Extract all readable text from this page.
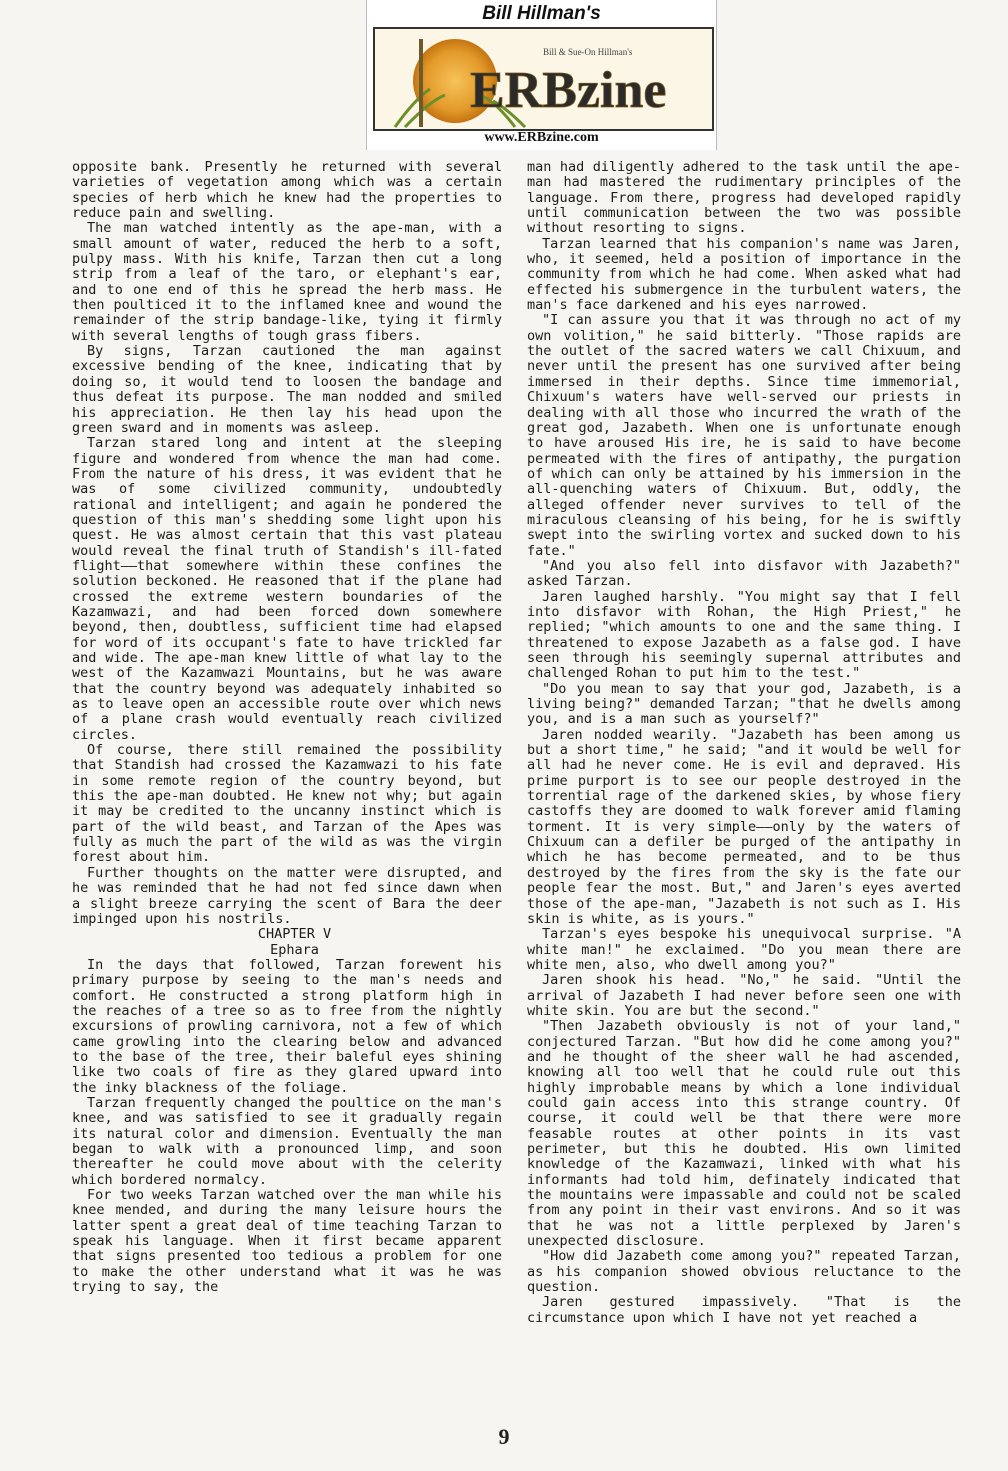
Bill Hillman's
Bill & Sue-On Hillman's
ERBzine
www.ERBzine.com

opposite bank. Presently he returned with several varieties of vegetation among which was a certain species of herb which he knew had the properties to reduce pain and swelling.

The man watched intently as the ape-man, with a small amount of water, reduced the herb to a soft, pulpy mass. With his knife, Tarzan then cut a long strip from a leaf of the taro, or elephant's ear, and to one end of this he spread the herb mass. He then poulticed it to the inflamed knee and wound the remainder of the strip bandage-like, tying it firmly with several lengths of tough grass fibers.

By signs, Tarzan cautioned the man against excessive bending of the knee, indicating that by doing so, it would tend to loosen the bandage and thus defeat its purpose. The man nodded and smiled his appreciation. He then lay his head upon the green sward and in moments was asleep.

Tarzan stared long and intent at the sleeping figure and wondered from whence the man had come. From the nature of his dress, it was evident that he was of some civilized community, undoubtedly rational and intelligent; and again he pondered the question of this man's shedding some light upon his quest. He was almost certain that this vast plateau would reveal the final truth of Standish's ill-fated flight——that somewhere within these confines the solution beckoned. He reasoned that if the plane had crossed the extreme western boundaries of the Kazamwazi, and had been forced down somewhere beyond, then, doubtless, sufficient time had elapsed for word of its occupant's fate to have trickled far and wide. The ape-man knew little of what lay to the west of the Kazamwazi Mountains, but he was aware that the country beyond was adequately inhabited so as to leave open an accessible route over which news of a plane crash would eventually reach civilized circles.

Of course, there still remained the possibility that Standish had crossed the Kazamwazi to his fate in some remote region of the country beyond, but this the ape-man doubted. He knew not why; but again it may be credited to the uncanny instinct which is part of the wild beast, and Tarzan of the Apes was fully as much the part of the wild as was the virgin forest about him.

Further thoughts on the matter were disrupted, and he was reminded that he had not fed since dawn when a slight breeze carrying the scent of Bara the deer impinged upon his nostrils.

CHAPTER V

Ephara

In the days that followed, Tarzan forewent his primary purpose by seeing to the man's needs and comfort. He constructed a strong platform high in the reaches of a tree so as to free from the nightly excursions of prowling carnivora, not a few of which came growling into the clearing below and advanced to the base of the tree, their baleful eyes shining like two coals of fire as they glared upward into the inky blackness of the foliage.

Tarzan frequently changed the poultice on the man's knee, and was satisfied to see it gradually regain its natural color and dimension. Eventually the man began to walk with a pronounced limp, and soon thereafter he could move about with the celerity which bordered normalcy.

For two weeks Tarzan watched over the man while his knee mended, and during the many leisure hours the latter spent a great deal of time teaching Tarzan to speak his language. When it first became apparent that signs presented too tedious a problem for one to make the other understand what it was he was trying to say, the

man had diligently adhered to the task until the ape-man had mastered the rudimentary principles of the language. From there, progress had developed rapidly until communication between the two was possible without resorting to signs.

Tarzan learned that his companion's name was Jaren, who, it seemed, held a position of importance in the community from which he had come. When asked what had effected his submergence in the turbulent waters, the man's face darkened and his eyes narrowed.

"I can assure you that it was through no act of my own volition," he said bitterly. "Those rapids are the outlet of the sacred waters we call Chixuum, and never until the present has one survived after being immersed in their depths. Since time immemorial, Chixuum's waters have well-served our priests in dealing with all those who incurred the wrath of the great god, Jazabeth. When one is unfortunate enough to have aroused His ire, he is said to have become permeated with the fires of antipathy, the purgation of which can only be attained by his immersion in the all-quenching waters of Chixuum. But, oddly, the alleged offender never survives to tell of the miraculous cleansing of his being, for he is swiftly swept into the swirling vortex and sucked down to his fate."

"And you also fell into disfavor with Jazabeth?" asked Tarzan.

Jaren laughed harshly. "You might say that I fell into disfavor with Rohan, the High Priest," he replied; "which amounts to one and the same thing. I threatened to expose Jazabeth as a false god. I have seen through his seemingly supernal attributes and challenged Rohan to put him to the test."

"Do you mean to say that your god, Jazabeth, is a living being?" demanded Tarzan; "that he dwells among you, and is a man such as yourself?"

Jaren nodded wearily. "Jazabeth has been among us but a short time," he said; "and it would be well for all had he never come. He is evil and depraved. His prime purport is to see our people destroyed in the torrential rage of the darkened skies, by whose fiery castoffs they are doomed to walk forever amid flaming torment. It is very simple——only by the waters of Chixuum can a defiler be purged of the antipathy in which he has become permeated, and to be thus destroyed by the fires from the sky is the fate our people fear the most. But," and Jaren's eyes averted those of the ape-man, "Jazabeth is not such as I. His skin is white, as is yours."

Tarzan's eyes bespoke his unequivocal surprise. "A white man!" he exclaimed. "Do you mean there are white men, also, who dwell among you?"

Jaren shook his head. "No," he said. "Until the arrival of Jazabeth I had never before seen one with white skin. You are but the second."

"Then Jazabeth obviously is not of your land," conjectured Tarzan. "But how did he come among you?" and he thought of the sheer wall he had ascended, knowing all too well that he could rule out this highly improbable means by which a lone individual could gain access into this strange country. Of course, it could well be that there were more feasable routes at other points in its vast perimeter, but this he doubted. His own limited knowledge of the Kazamwazi, linked with what his informants had told him, definately indicated that the mountains were impassable and could not be scaled from any point in their vast environs. And so it was that he was not a little perplexed by Jaren's unexpected disclosure.

"How did Jazabeth come among you?" repeated Tarzan, as his companion showed obvious reluctance to the question.

Jaren gestured impassively. "That is the circumstance upon which I have not yet reached a

9
